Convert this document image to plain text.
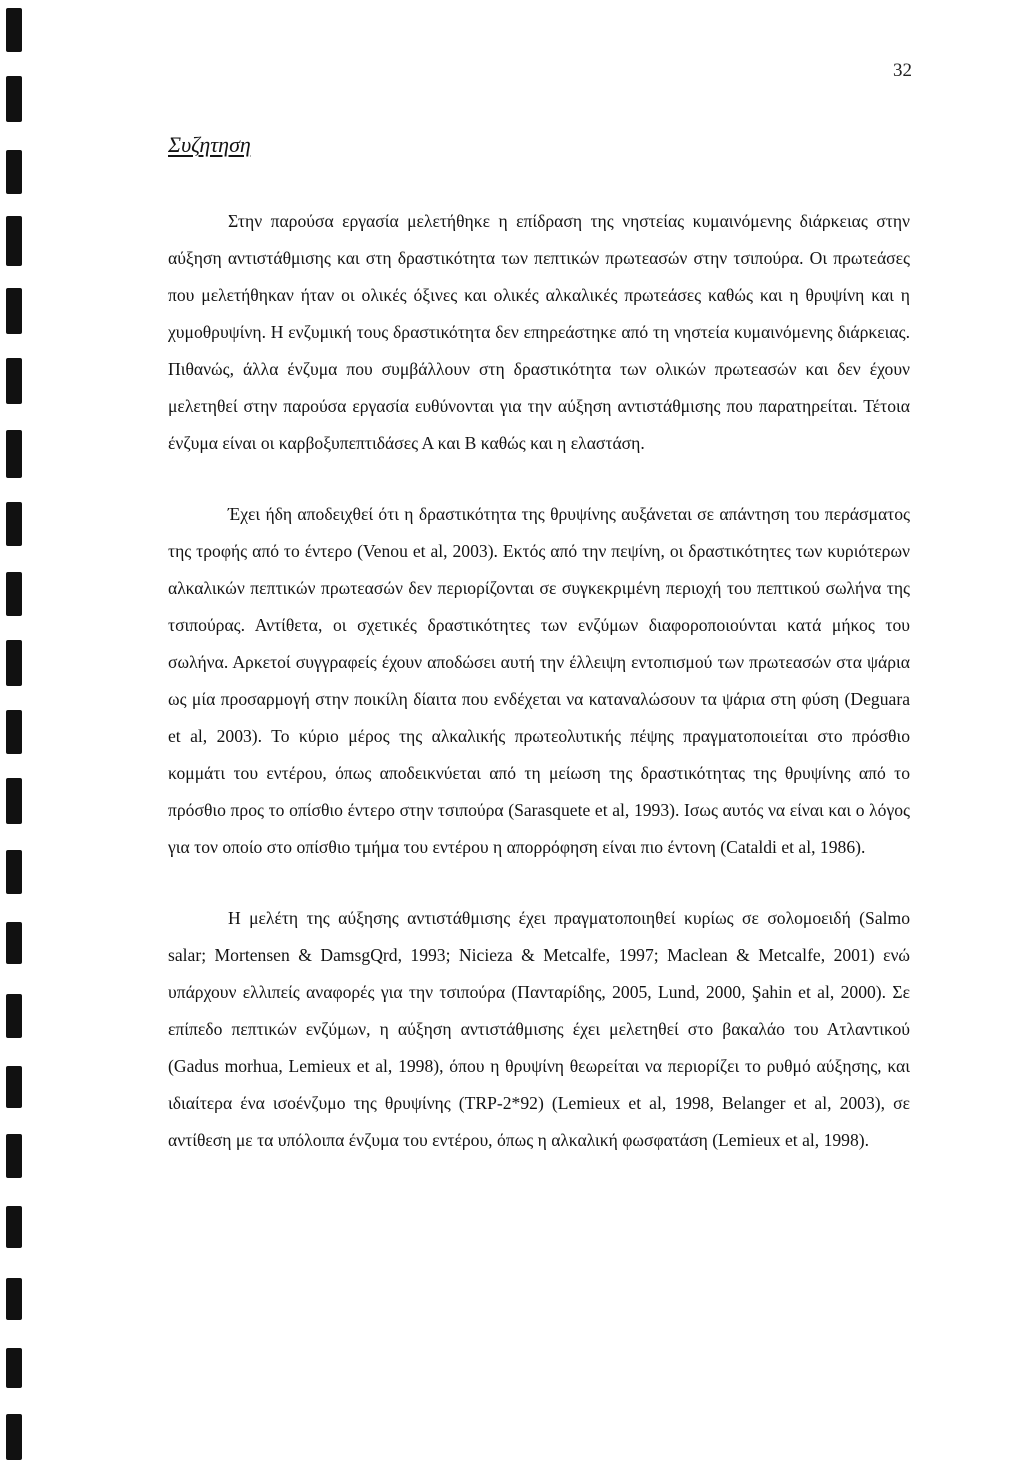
32
Συζητηση

Στην παρούσα εργασία μελετήθηκε η επίδραση της νηστείας κυμαινόμενης διάρκειας στην αύξηση αντιστάθμισης και στη δραστικότητα των πεπτικών πρωτεασών στην τσιπούρα. Οι πρωτεάσες που μελετήθηκαν ήταν οι ολικές όξινες και ολικές αλκαλικές πρωτεάσες καθώς και η θρυψίνη και η χυμοθρυψίνη. Η ενζυμική τους δραστικότητα δεν επηρεάστηκε από τη νηστεία κυμαινόμενης διάρκειας. Πιθανώς, άλλα ένζυμα που συμβάλλουν στη δραστικότητα των ολικών πρωτεασών και δεν έχουν μελετηθεί στην παρούσα εργασία ευθύνονται για την αύξηση αντιστάθμισης που παρατηρείται. Τέτοια ένζυμα είναι οι καρβοξυπεπτιδάσες Α και Β καθώς και η ελαστάση.

Έχει ήδη αποδειχθεί ότι η δραστικότητα της θρυψίνης αυξάνεται σε απάντηση του περάσματος της τροφής από το έντερο (Venou et al, 2003). Εκτός από την πεψίνη, οι δραστικότητες των κυριότερων αλκαλικών πεπτικών πρωτεασών δεν περιορίζονται σε συγκεκριμένη περιοχή του πεπτικού σωλήνα της τσιπούρας. Αντίθετα, οι σχετικές δραστικότητες των ενζύμων διαφοροποιούνται κατά μήκος του σωλήνα. Αρκετοί συγγραφείς έχουν αποδώσει αυτή την έλλειψη εντοπισμού των πρωτεασών στα ψάρια ως μία προσαρμογή στην ποικίλη δίαιτα που ενδέχεται να καταναλώσουν τα ψάρια στη φύση (Deguara et al, 2003). Το κύριο μέρος της αλκαλικής πρωτεολυτικής πέψης πραγματοποιείται στο πρόσθιο κομμάτι του εντέρου, όπως αποδεικνύεται από τη μείωση της δραστικότητας της θρυψίνης από το πρόσθιο προς το οπίσθιο έντερο στην τσιπούρα (Sarasquete et al, 1993). Ισως αυτός να είναι και ο λόγος για τον οποίο στο οπίσθιο τμήμα του εντέρου η απορρόφηση είναι πιο έντονη (Cataldi et al, 1986).

Η μελέτη της αύξησης αντιστάθμισης έχει πραγματοποιηθεί κυρίως σε σολομοειδή (Salmo salar; Mortensen & DamsgQrd, 1993; Nicieza & Metcalfe, 1997; Maclean & Metcalfe, 2001) ενώ υπάρχουν ελλιπείς αναφορές για την τσιπούρα (Πανταρίδης, 2005, Lund, 2000, Şahin et al, 2000). Σε επίπεδο πεπτικών ενζύμων, η αύξηση αντιστάθμισης έχει μελετηθεί στο βακαλάο του Ατλαντικού (Gadus morhua, Lemieux et al, 1998), όπου η θρυψίνη θεωρείται να περιορίζει το ρυθμό αύξησης, και ιδιαίτερα ένα ισοένζυμο της θρυψίνης (TRP-2*92) (Lemieux et al, 1998, Belanger et al, 2003), σε αντίθεση με τα υπόλοιπα ένζυμα του εντέρου, όπως η αλκαλική φωσφατάση (Lemieux et al, 1998).
